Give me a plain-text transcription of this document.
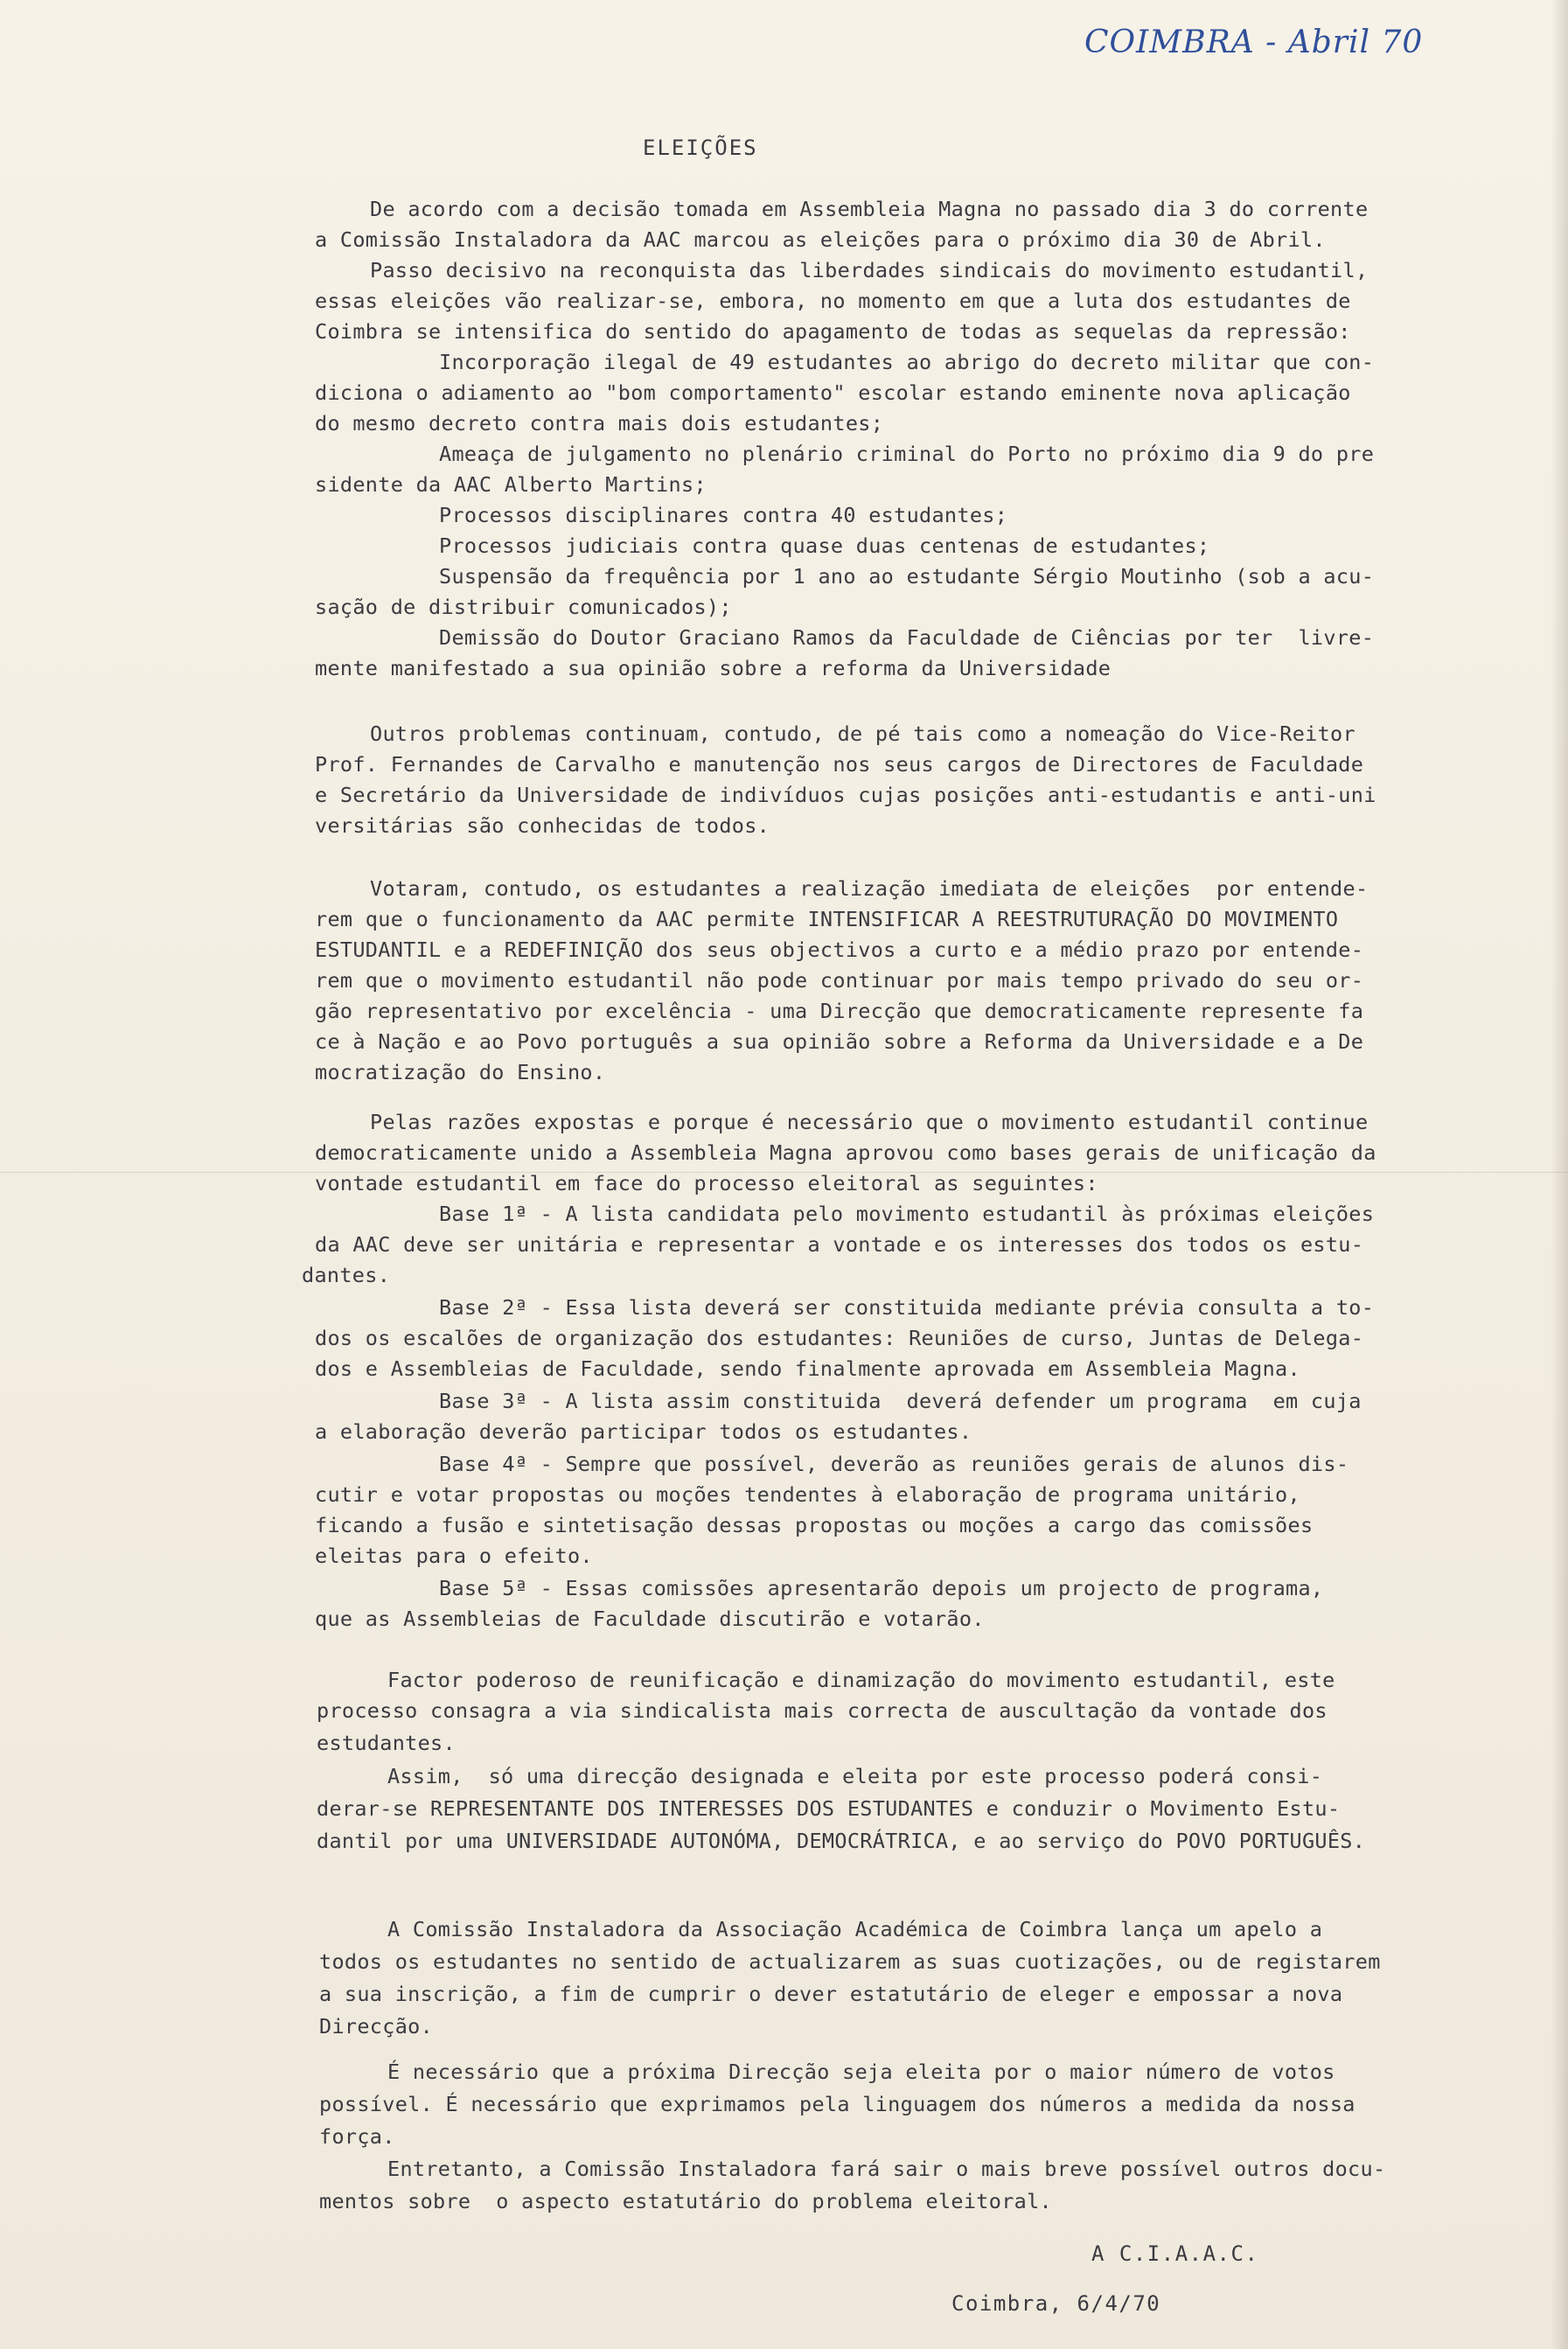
COIMBRA - Abril 70
ELEIÇÕES
De acordo com a decisão tomada em Assembleia Magna no passado dia 3 do corrente
a Comissão Instaladora da AAC marcou as eleições para o próximo dia 30 de Abril.
Passo decisivo na reconquista das liberdades sindicais do movimento estudantil,
essas eleições vão realizar-se, embora, no momento em que a luta dos estudantes de
Coimbra se intensifica do sentido do apagamento de todas as sequelas da repressão:
Incorporação ilegal de 49 estudantes ao abrigo do decreto militar que con-
diciona o adiamento ao "bom comportamento" escolar estando eminente nova aplicação
do mesmo decreto contra mais dois estudantes;
Ameaça de julgamento no plenário criminal do Porto no próximo dia 9 do pre
sidente da AAC Alberto Martins;
Processos disciplinares contra 40 estudantes;
Processos judiciais contra quase duas centenas de estudantes;
Suspensão da frequência por 1 ano ao estudante Sérgio Moutinho (sob a acu-
sação de distribuir comunicados);
Demissão do Doutor Graciano Ramos da Faculdade de Ciências por ter  livre-
mente manifestado a sua opinião sobre a reforma da Universidade
Outros problemas continuam, contudo, de pé tais como a nomeação do Vice-Reitor
Prof. Fernandes de Carvalho e manutenção nos seus cargos de Directores de Faculdade
e Secretário da Universidade de indivíduos cujas posições anti-estudantis e anti-uni
versitárias são conhecidas de todos.
Votaram, contudo, os estudantes a realização imediata de eleições  por entende-
rem que o funcionamento da AAC permite INTENSIFICAR A REESTRUTURAÇÃO DO MOVIMENTO
ESTUDANTIL e a REDEFINIÇÃO dos seus objectivos a curto e a médio prazo por entende-
rem que o movimento estudantil não pode continuar por mais tempo privado do seu or-
gão representativo por excelência - uma Direcção que democraticamente represente fa
ce à Nação e ao Povo português a sua opinião sobre a Reforma da Universidade e a De
mocratização do Ensino.
Pelas razões expostas e porque é necessário que o movimento estudantil continue
democraticamente unido a Assembleia Magna aprovou como bases gerais de unificação da
vontade estudantil em face do processo eleitoral as seguintes:
Base 1ª - A lista candidata pelo movimento estudantil às próximas eleições
da AAC deve ser unitária e representar a vontade e os interesses dos todos os estu-
dantes.
Base 2ª - Essa lista deverá ser constituida mediante prévia consulta a to-
dos os escalões de organização dos estudantes: Reuniões de curso, Juntas de Delega-
dos e Assembleias de Faculdade, sendo finalmente aprovada em Assembleia Magna.
Base 3ª - A lista assim constituida  deverá defender um programa  em cuja
a elaboração deverão participar todos os estudantes.
Base 4ª - Sempre que possível, deverão as reuniões gerais de alunos dis-
cutir e votar propostas ou moções tendentes à elaboração de programa unitário,
ficando a fusão e sintetisação dessas propostas ou moções a cargo das comissões
eleitas para o efeito.
Base 5ª - Essas comissões apresentarão depois um projecto de programa,
que as Assembleias de Faculdade discutirão e votarão.
Factor poderoso de reunificação e dinamização do movimento estudantil, este
processo consagra a via sindicalista mais correcta de auscultação da vontade dos
estudantes.
Assim,  só uma direcção designada e eleita por este processo poderá consi-
derar-se REPRESENTANTE DOS INTERESSES DOS ESTUDANTES e conduzir o Movimento Estu-
dantil por uma UNIVERSIDADE AUTONÓMA, DEMOCRÁTRICA, e ao serviço do POVO PORTUGUÊS.
A Comissão Instaladora da Associação Académica de Coimbra lança um apelo a
todos os estudantes no sentido de actualizarem as suas cuotizações, ou de registarem
a sua inscrição, a fim de cumprir o dever estatutário de eleger e empossar a nova
Direcção.
É necessário que a próxima Direcção seja eleita por o maior número de votos
possível. É necessário que exprimamos pela linguagem dos números a medida da nossa
força.
Entretanto, a Comissão Instaladora fará sair o mais breve possível outros docu-
mentos sobre  o aspecto estatutário do problema eleitoral.
A C.I.A.A.C.
Coimbra, 6/4/70
